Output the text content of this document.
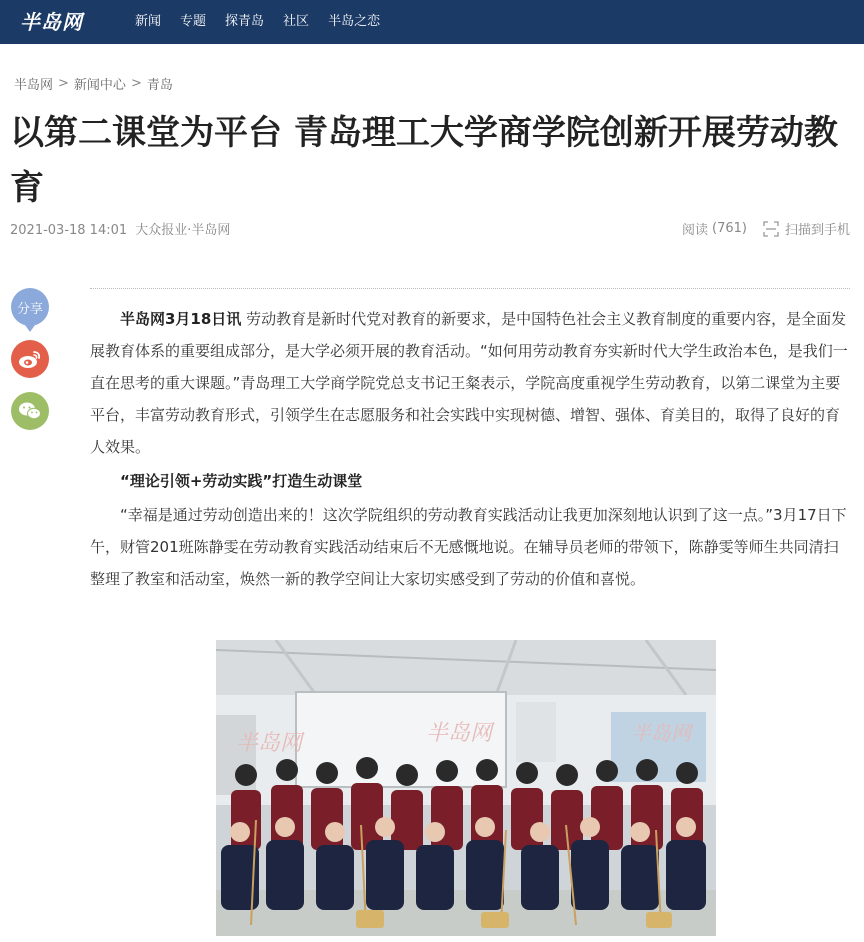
半岛网	新闻 专题 探青岛 社区 半岛之恋
半岛网 > 新闻中心 > 青岛
以第二课堂为平台 青岛理工大学商学院创新开展劳动教育
2021-03-18 14:01 大众报业·半岛网	阅读 (761)	扫描到手机
分享

半岛网3月18日讯 劳动教育是新时代党对教育的新要求，是中国特色社会主义教育制度的重要内容，是全面发展教育体系的重要组成部分，是大学必须开展的教育活动。“如何用劳动教育夯实新时代大学生政治本色，是我们一直在思考的重大课题。”青岛理工大学商学院党总支书记王粲表示，学院高度重视学生劳动教育，以第二课堂为主要平台，丰富劳动教育形式，引领学生在志愿服务和社会实践中实现树德、增智、强体、育美目的，取得了良好的育人效果。

“理论引领+劳动实践”打造生动课堂

“幸福是通过劳动创造出来的！这次学院组织的劳动教育实践活动让我更加深刻地认识到了这一点。”3月17日下午，财管201班陈静雯在劳动教育实践活动结束后不无感慨地说。在辅导员老师的带领下，陈静雯等师生共同清扫整理了教室和活动室，焕然一新的教学空间让大家切实感受到了劳动的价值和喜悦。

半岛网	半岛网	半岛网
